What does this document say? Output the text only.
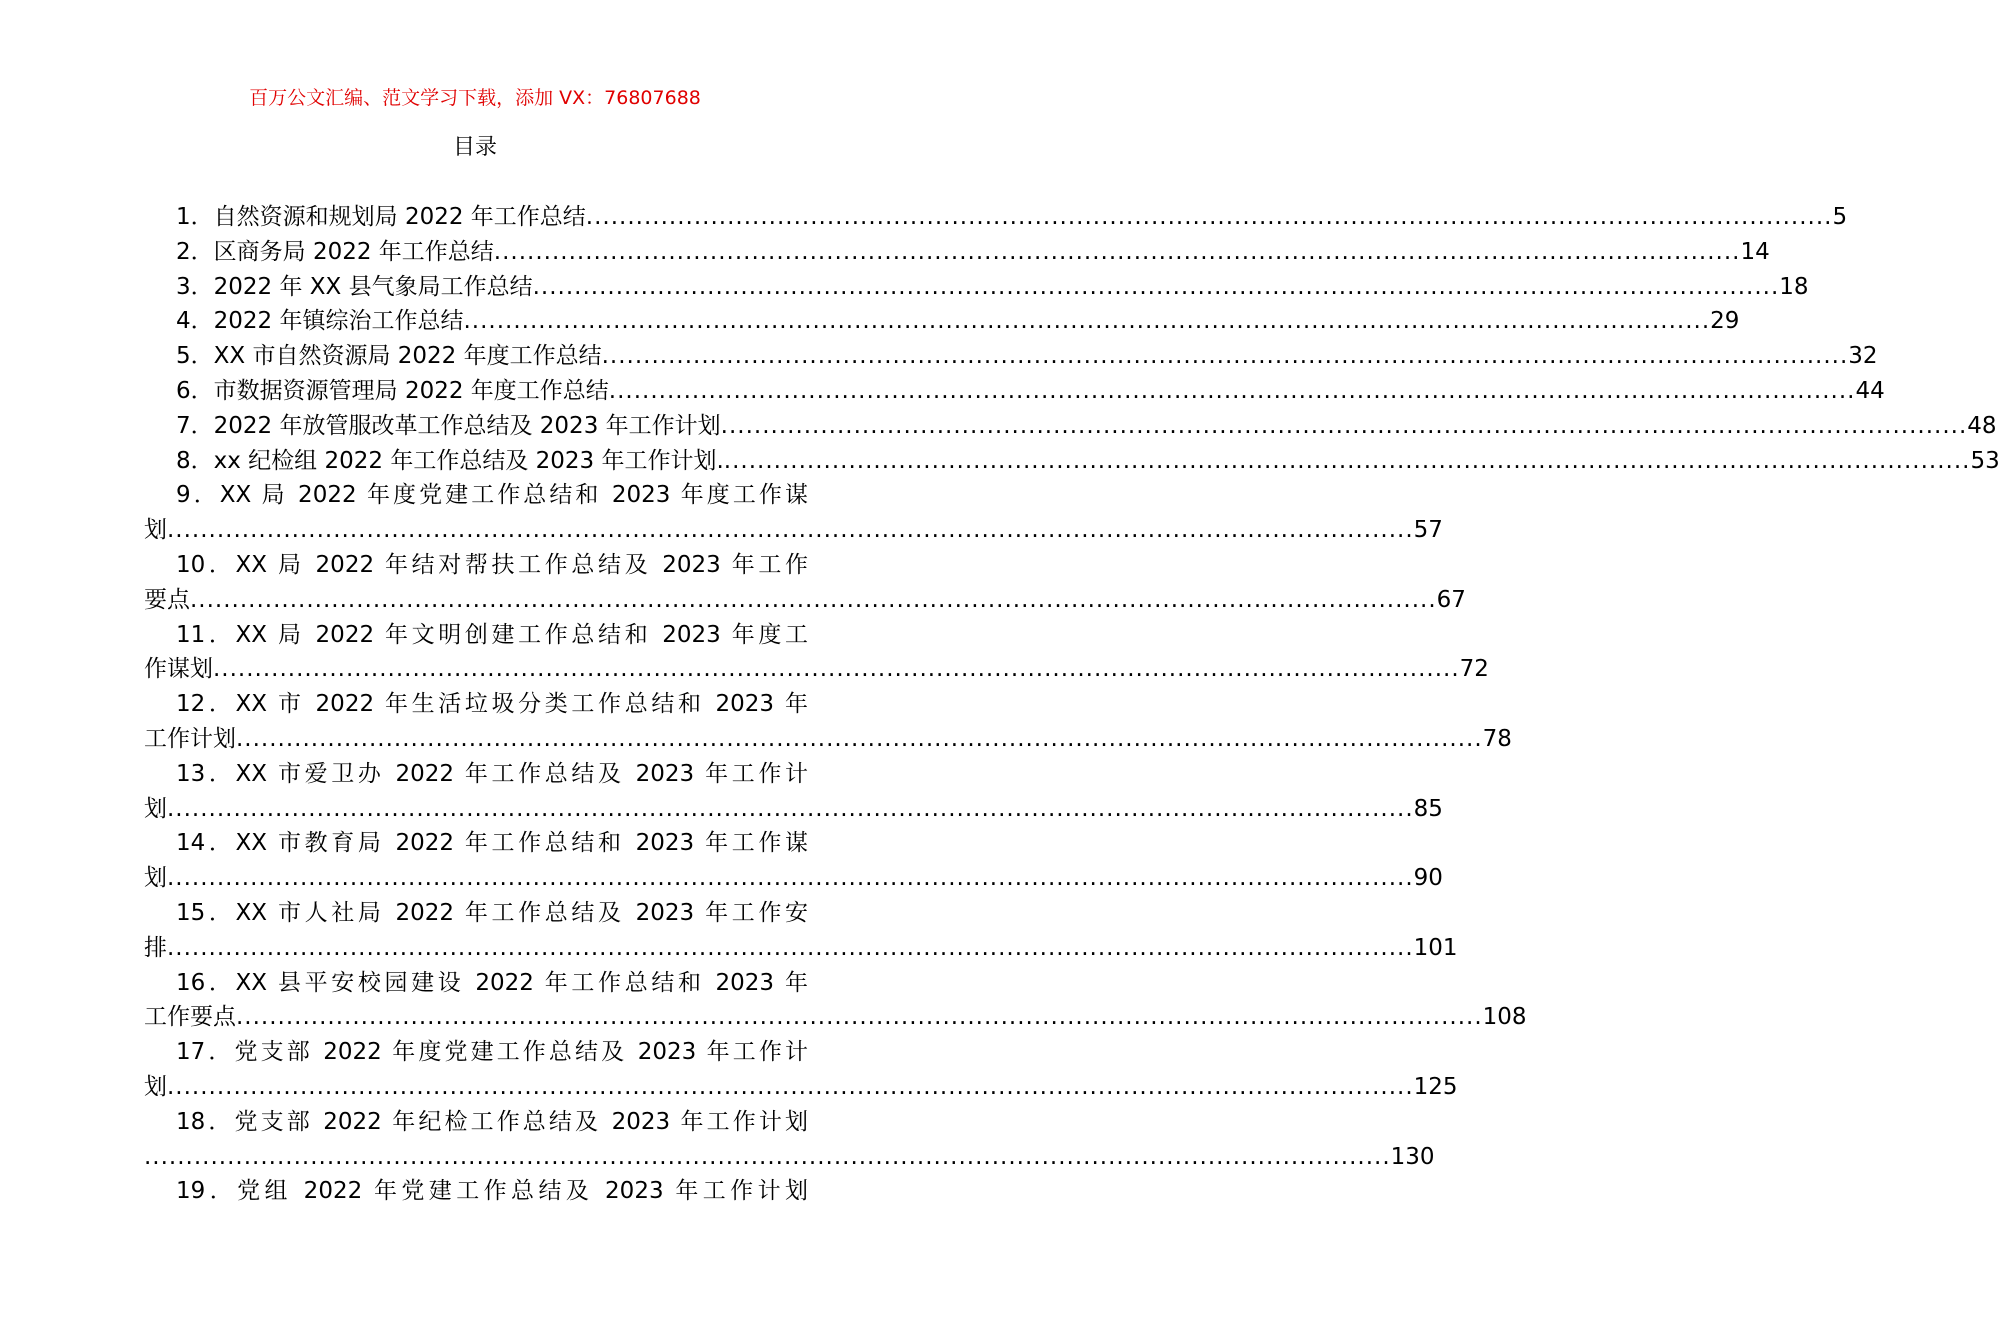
百万公文汇编、范文学习下载，添加 VX：76807688
目录
1．自然资源和规划局 2022 年工作总结 ...................................................................................................................................................... 5
2．区商务局 2022 年工作总结 ...................................................................................................................................................... 14
3．2022 年 XX 县气象局工作总结 ...................................................................................................................................................... 18
4．2022 年镇综治工作总结 ...................................................................................................................................................... 29
5．XX 市自然资源局 2022 年度工作总结 ...................................................................................................................................................... 32
6．市数据资源管理局 2022 年度工作总结 ...................................................................................................................................................... 44
7．2022 年放管服改革工作总结及 2023 年工作计划 ...................................................................................................................................................... 48
8．xx 纪检组 2022 年工作总结及 2023 年工作计划. ...................................................................................................................................................... 53
9．XX 局 2022 年度党建工作总结和 2023 年度工作谋
划 ...................................................................................................................................................... 57
10．XX 局 2022 年结对帮扶工作总结及 2023 年工作
要点 ...................................................................................................................................................... 67
11．XX 局 2022 年文明创建工作总结和 2023 年度工
作谋划 ...................................................................................................................................................... 72
12．XX 市 2022 年生活垃圾分类工作总结和 2023 年
工作计划 ...................................................................................................................................................... 78
13．XX 市爱卫办 2022 年工作总结及 2023 年工作计
划 ...................................................................................................................................................... 85
14．XX 市教育局 2022 年工作总结和 2023 年工作谋
划 ...................................................................................................................................................... 90
15．XX 市人社局 2022 年工作总结及 2023 年工作安
排 ...................................................................................................................................................... 101
16．XX 县平安校园建设 2022 年工作总结和 2023 年
工作要点 ...................................................................................................................................................... 108
17．党支部 2022 年度党建工作总结及 2023 年工作计
划 ...................................................................................................................................................... 125
18．党支部 2022 年纪检工作总结及 2023 年工作计划
...................................................................................................................................................... 130
19．党组 2022 年党建工作总结及 2023 年工作计划
